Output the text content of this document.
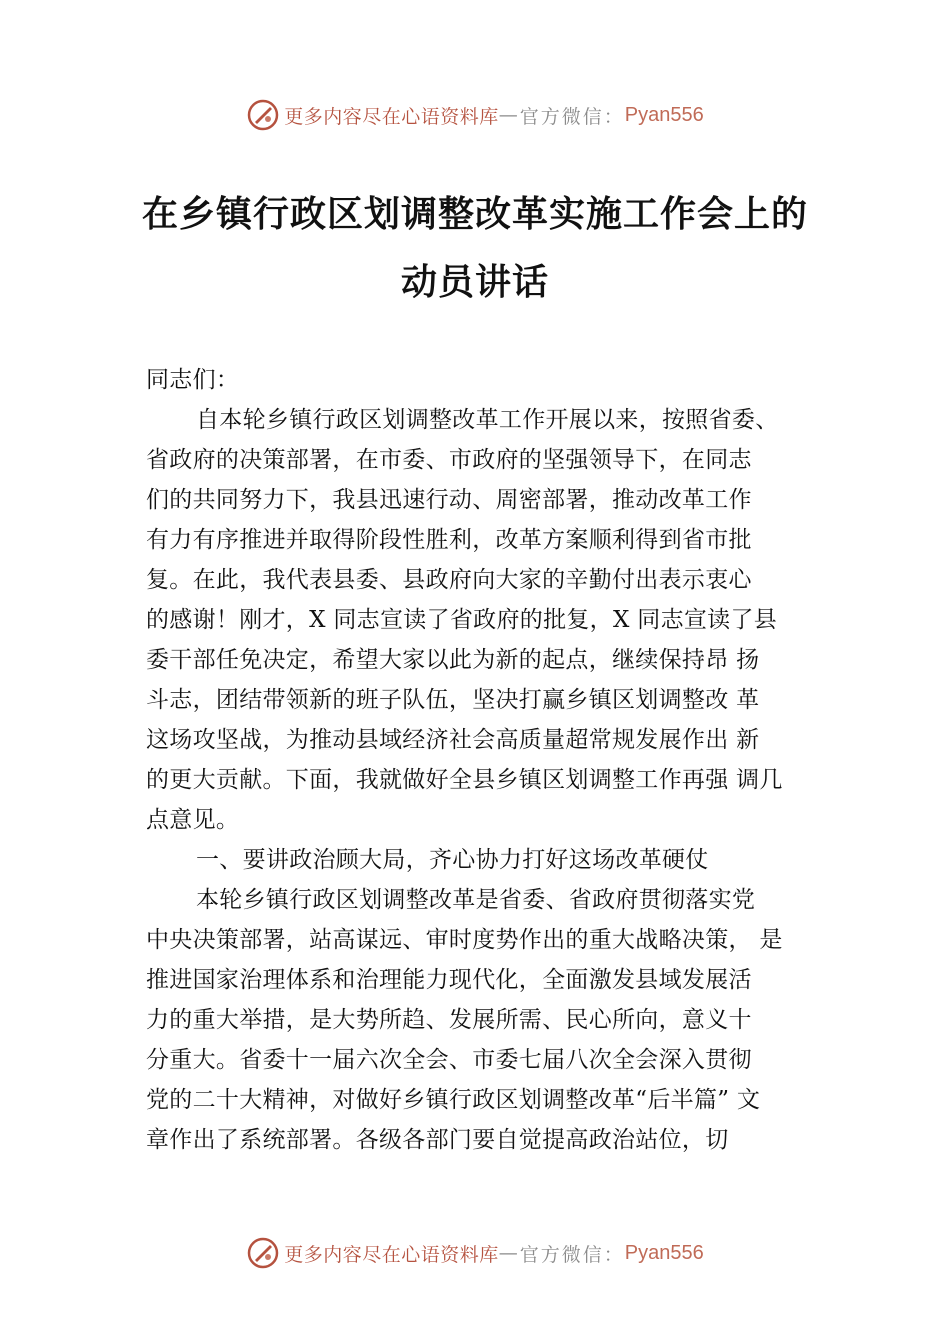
更多内容尽在心语资料库 — 官方微信： Pyan556
在乡镇行政区划调整改革实施工作会上的
动员讲话
同志们：
自本轮乡镇行政区划调整改革工作开展以来，按照省委、
省政府的决策部署，在市委、市政府的坚强领导下，在同志
们的共同努力下，我县迅速行动、周密部署，推动改革工作
有力有序推进并取得阶段性胜利，改革方案顺利得到省市批
复。在此，我代表县委、县政府向大家的辛勤付出表示衷心
的感谢！刚才，X 同志宣读了省政府的批复，X 同志宣读了县
委干部任免决定，希望大家以此为新的起点，继续保持昂 扬
斗志，团结带领新的班子队伍，坚决打赢乡镇区划调整改 革
这场攻坚战，为推动县域经济社会高质量超常规发展作出 新
的更大贡献。下面，我就做好全县乡镇区划调整工作再强 调几
点意见。
一、要讲政治顾大局，齐心协力打好这场改革硬仗
本轮乡镇行政区划调整改革是省委、省政府贯彻落实党
中央决策部署，站高谋远、审时度势作出的重大战略决策， 是
推进国家治理体系和治理能力现代化，全面激发县域发展活
力的重大举措，是大势所趋、发展所需、民心所向，意义十
分重大。省委十一届六次全会、市委七届八次全会深入贯彻
党的二十大精神，对做好乡镇行政区划调整改革“后半篇” 文
章作出了系统部署。各级各部门要自觉提高政治站位，切
更多内容尽在心语资料库 — 官方微信： Pyan556
